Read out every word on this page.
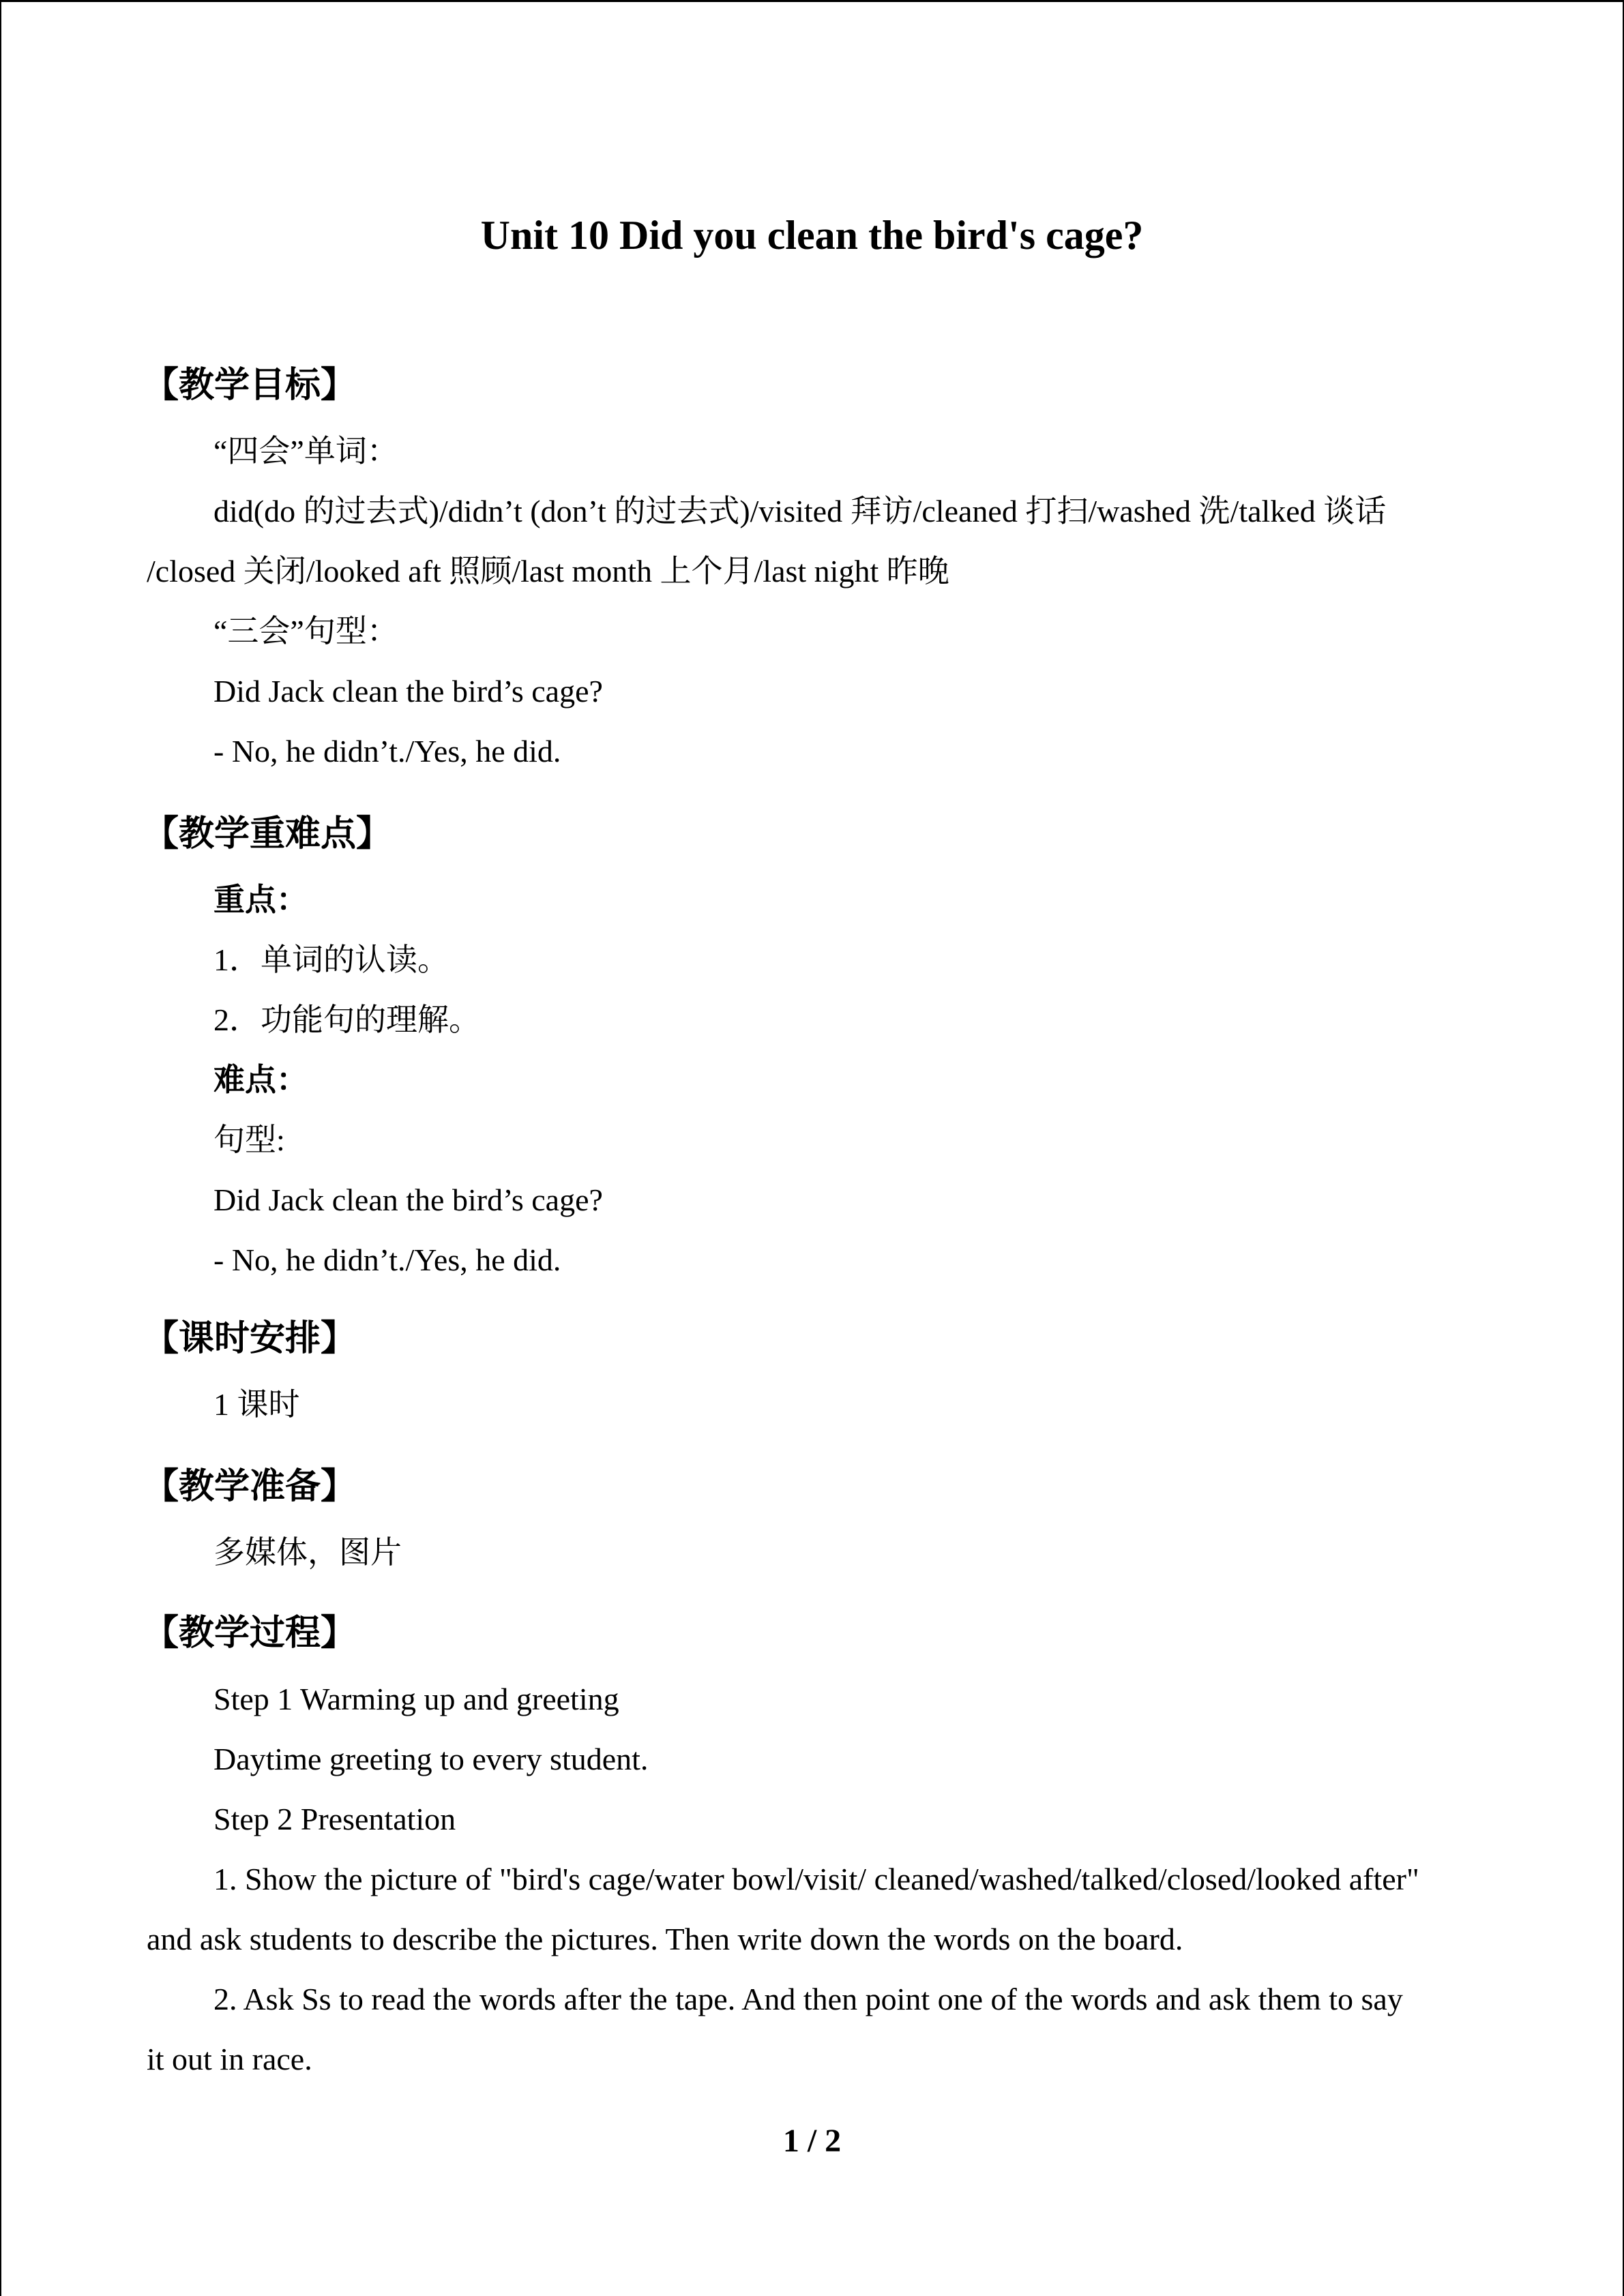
Unit 10 Did you clean the bird's cage?

【教学目标】

“四会”单词：

did(do 的过去式)/didn’t (don’t 的过去式)/visited 拜访/cleaned 打扫/washed 洗/talked 谈话

/closed 关闭/looked aft 照顾/last month 上个月/last night 昨晚

“三会”句型：

Did Jack clean the bird’s cage?

- No, he didn’t./Yes, he did.

【教学重难点】

重点：

1．单词的认读。

2．功能句的理解。

难点：

句型:

Did Jack clean the bird’s cage?

- No, he didn’t./Yes, he did.

【课时安排】

1 课时

【教学准备】

多媒体，图片

【教学过程】

Step 1 Warming up and greeting

Daytime greeting to every student.

Step 2 Presentation

1. Show the picture of "bird's cage/water bowl/visit/ cleaned/washed/talked/closed/looked after"

and ask students to describe the pictures. Then write down the words on the board.

2. Ask Ss to read the words after the tape. And then point one of the words and ask them to say

it out in race.

1 / 2
